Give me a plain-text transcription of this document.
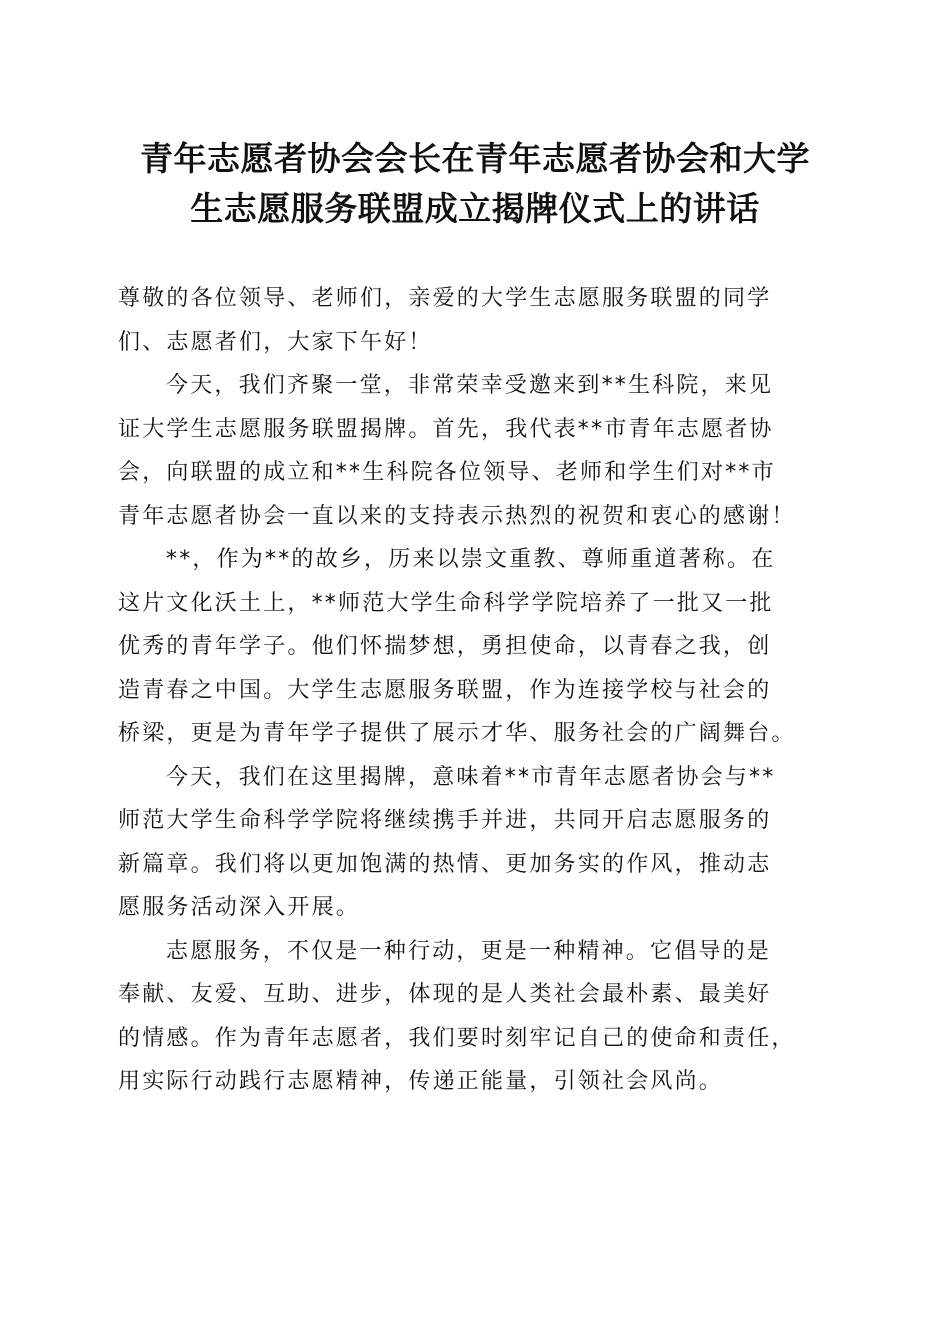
青年志愿者协会会长在青年志愿者协会和大学
生志愿服务联盟成立揭牌仪式上的讲话
尊敬的各位领导、老师们，亲爱的大学生志愿服务联盟的同学
们、志愿者们，大家下午好！
今天，我们齐聚一堂，非常荣幸受邀来到**生科院，来见
证大学生志愿服务联盟揭牌。首先，我代表**市青年志愿者协
会，向联盟的成立和**生科院各位领导、老师和学生们对**市
青年志愿者协会一直以来的支持表示热烈的祝贺和衷心的感谢！
**，作为**的故乡，历来以崇文重教、尊师重道著称。在
这片文化沃土上，**师范大学生命科学学院培养了一批又一批
优秀的青年学子。他们怀揣梦想，勇担使命，以青春之我，创
造青春之中国。大学生志愿服务联盟，作为连接学校与社会的
桥梁，更是为青年学子提供了展示才华、服务社会的广阔舞台。
今天，我们在这里揭牌，意味着**市青年志愿者协会与**
师范大学生命科学学院将继续携手并进，共同开启志愿服务的
新篇章。我们将以更加饱满的热情、更加务实的作风，推动志
愿服务活动深入开展。
志愿服务，不仅是一种行动，更是一种精神。它倡导的是
奉献、友爱、互助、进步，体现的是人类社会最朴素、最美好
的情感。作为青年志愿者，我们要时刻牢记自己的使命和责任，
用实际行动践行志愿精神，传递正能量，引领社会风尚。
